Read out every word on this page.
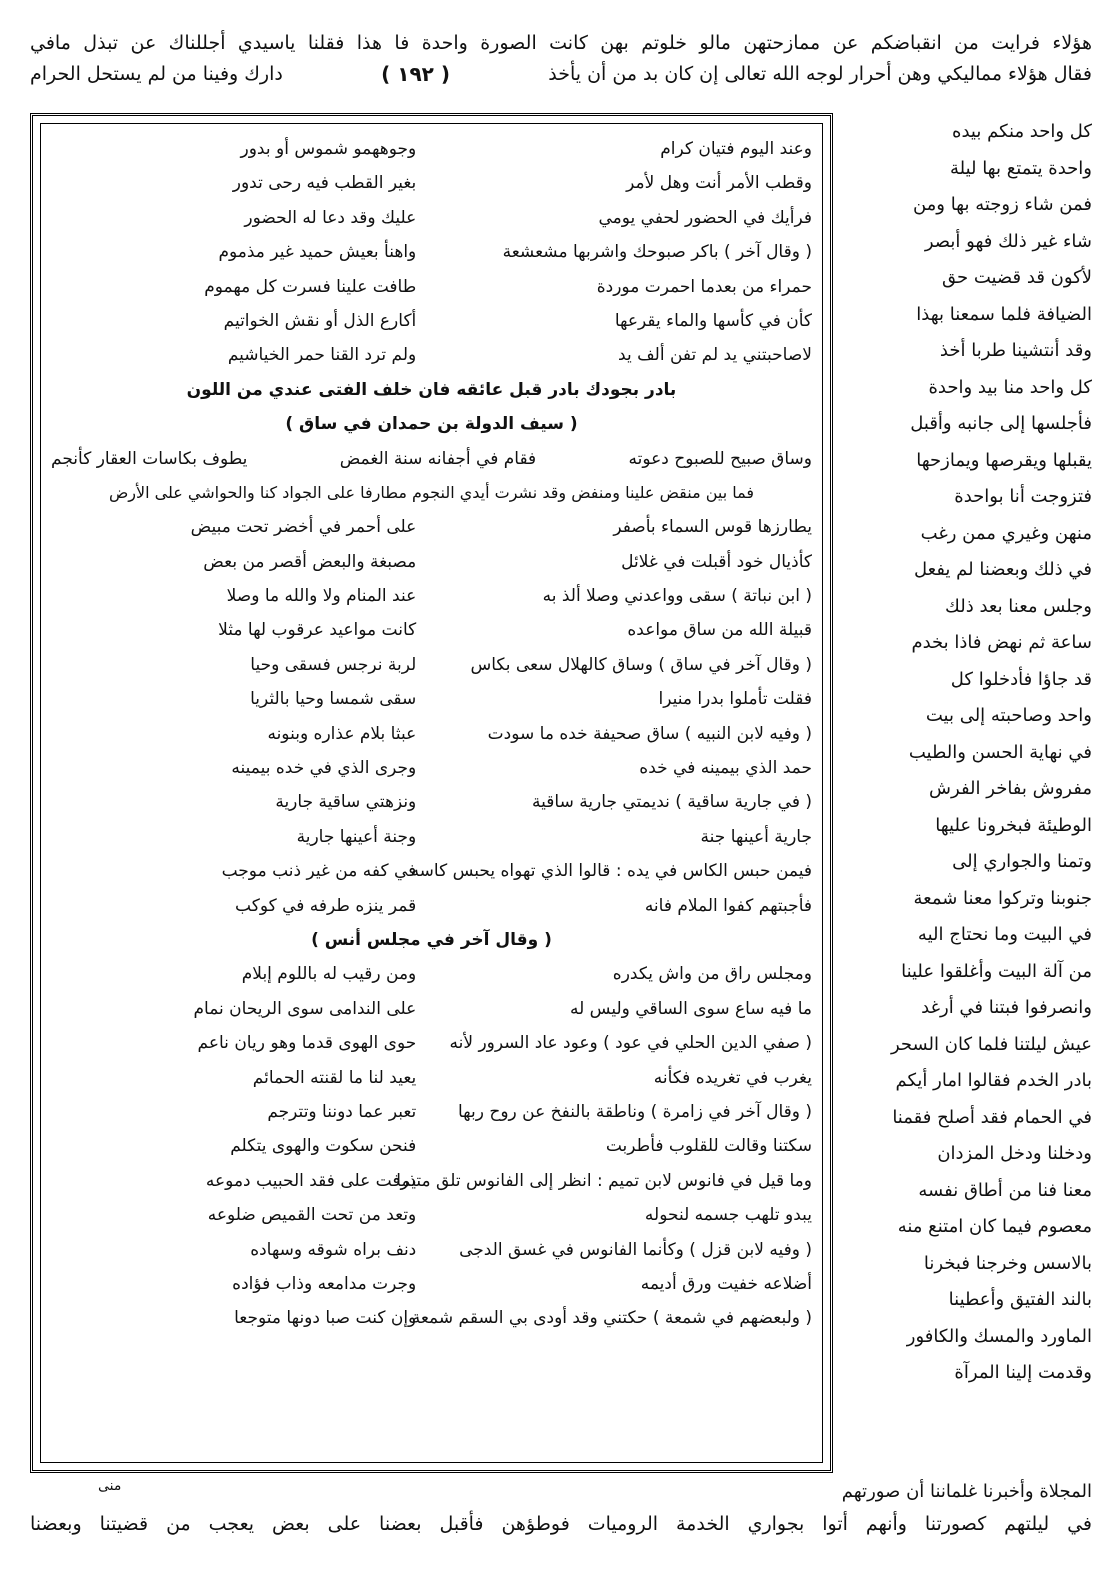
هؤلاء فرايت من انقباضكم عن ممازحتهن مالو خلوتم بهن كانت الصورة واحدة فا هذا فقلنا ياسيدي أجللناك عن تبذل مافي
فقال هؤلاء مماليكي وهن أحرار لوجه الله تعالى إن كان بد من أن يأخذ
( ١٩٢ )
دارك وفينا من لم يستحل الحرام
كل واحد منكم بيده
واحدة يتمتع بها ليلة
فمن شاء زوجته بها ومن
شاء غير ذلك فهو أبصر
لأكون قد قضيت حق
الضيافة فلما سمعنا بهذا
وقد أنتشينا طربا أخذ
كل واحد منا بيد واحدة
فأجلسها إلى جانبه وأقبل
يقبلها ويقرصها ويمازحها
فتزوجت أنا بواحدة
منهن وغيري ممن رغب
في ذلك وبعضنا لم يفعل
وجلس معنا بعد ذلك
ساعة ثم نهض فاذا بخدم
قد جاؤا فأدخلوا كل
واحد وصاحبته إلى بيت
في نهاية الحسن والطيب
مفروش بفاخر الفرش
الوطيئة فبخرونا عليها
وتمنا والجواري إلى
جنوبنا وتركوا معنا شمعة
في البيت وما نحتاج اليه
من آلة البيت وأغلقوا علينا
وانصرفوا فبتنا في أرغد
عيش ليلتنا فلما كان السحر
بادر الخدم فقالوا امار أيكم
في الحمام فقد أصلح فقمنا
ودخلنا ودخل المزدان
معنا فنا من أطاق نفسه
معصوم فيما كان امتنع منه
بالاسس وخرجنا فبخرنا
بالند الفتيق وأعطينا
الماورد والمسك والكافور
وقدمت إلينا المرآة
وعند اليوم فتيان كرام
وجوههمو شموس أو بدور
وقطب الأمر أنت وهل لأمر
بغير القطب فيه رحى تدور
فرأيك في الحضور لحفي يومي
عليك وقد دعا له الحضور
( وقال آخر ) باكر صبوحك واشربها مشعشعة
واهنأ بعيش حميد غير مذموم
حمراء من بعدما احمرت موردة
طافت علينا فسرت كل مهموم
كأن في كأسها والماء يقرعها
أكارع الذل أو نقش الخواتيم
لاصاحبتني يد لم تفن ألف يد
ولم ترد القنا حمر الخياشيم
بادر بجودك بادر قبل عائقه فان خلف الفتى عندي من اللون
( سيف الدولة بن حمدان في ساق )
وساق صبيح للصبوح دعوته
فقام في أجفانه سنة الغمض
يطوف بكاسات العقار كأنجم
فما بين منقض علينا ومنفض وقد نشرت أيدي النجوم مطارفا على الجواد كنا والحواشي على الأرض
يطارزها قوس السماء بأصفر
على أحمر في أخضر تحت مبيض
كأذيال خود أقبلت في غلائل
مصبغة والبعض أقصر من بعض
( ابن نباتة ) سقى وواعدني وصلا ألذ به
عند المنام ولا والله ما وصلا
قبيلة الله من ساق مواعده
كانت مواعيد عرقوب لها مثلا
( وقال آخر في ساق ) وساق كالهلال سعى بكاس
لربة نرجس فسقى وحيا
فقلت تأملوا بدرا منيرا
سقى شمسا وحيا بالثريا
( وفيه لابن النبيه ) ساق صحيفة خده ما سودت
عبثا بلام عذاره وبنونه
حمد الذي بيمينه في خده
وجرى الذي في خده بيمينه
( في جارية ساقية ) نديمتي جارية ساقية
ونزهتي ساقية جارية
جارية أعينها جنة
وجنة أعينها جارية
فيمن حبس الكاس في يده : قالوا الذي تهواه يحبس كاسه
في كفه من غير ذنب موجب
فأجبتهم كفوا الملام فانه
قمر ينزه طرفه في كوكب
( وقال آخر في مجلس أنس )
ومجلس راق من واش يكدره
ومن رقيب له باللوم إبلام
ما فيه ساع سوى الساقي وليس له
على الندامى سوى الريحان نمام
( صفي الدين الحلي في عود ) وعود عاد السرور لأنه
حوى الهوى قدما وهو ريان ناعم
يغرب في تغريده فكأنه
يعيد لنا ما لقنته الحمائم
( وقال آخر في زامرة ) وناطقة بالنفخ عن روح ربها
تعبر عما دوننا وتترجم
سكتنا وقالت للقلوب فأطربت
فنحن سكوت والهوى يتكلم
وما قيل في فانوس لابن تميم : انظر إلى الفانوس تلق متيما
ذرفت على فقد الحبيب دموعه
يبدو تلهب جسمه لنحوله
وتعد من تحت القميص ضلوعه
( وفيه لابن قزل ) وكأنما الفانوس في غسق الدجى
دنف براه شوقه وسهاده
أضلاعه خفيت ورق أديمه
وجرت مدامعه وذاب فؤاده
( ولبعضهم في شمعة ) حكتني وقد أودى بي السقم شمعة
وإن كنت صبا دونها متوجعا
المجلاة وأخبرنا غلماننا أن صورتهم
في ليلتهم كصورتنا وأنهم أتوا بجواري الخدمة الروميات فوطؤهن فأقبل بعضنا على بعض يعجب من قضيتنا وبعضنا
منى
